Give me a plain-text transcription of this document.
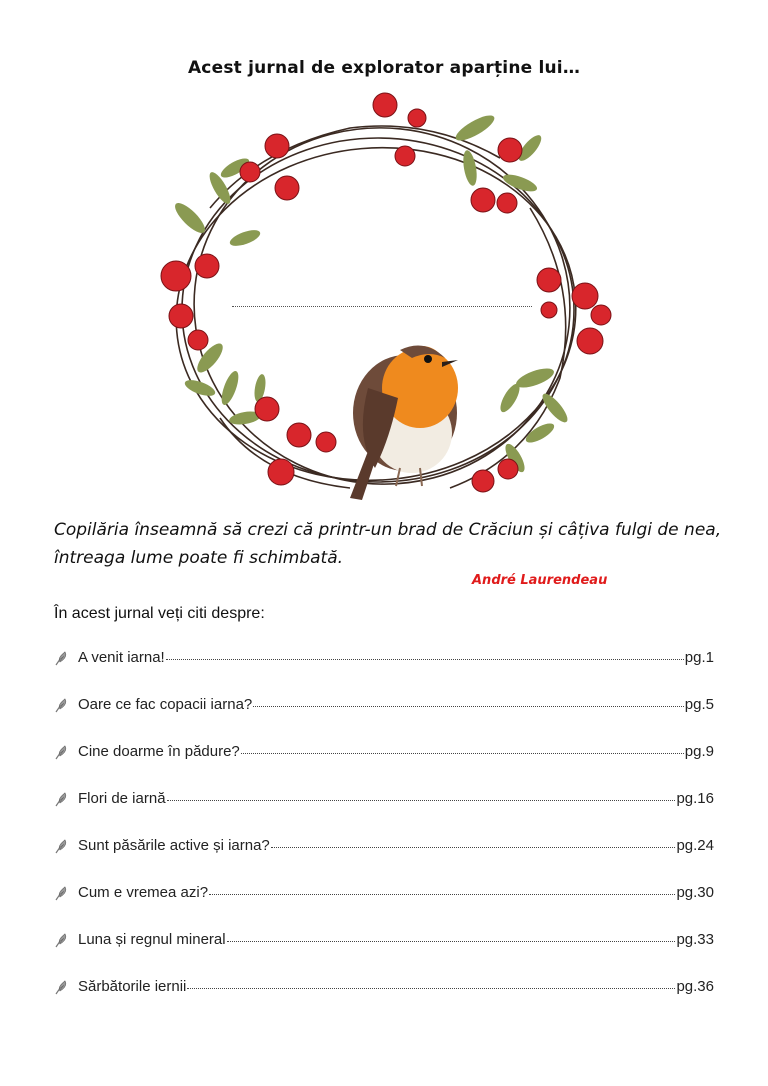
Acest jurnal de explorator aparține lui…
Copilăria înseamnă să crezi că printr-un brad de Crăciun și câțiva fulgi de nea, întreaga lume poate fi schimbată.
André Laurendeau
În acest jurnal veți citi despre:
A venit iarna!	pg.1
Oare ce fac copacii iarna?	pg.5
Cine doarme în pădure?	pg.9
Flori de iarnă	pg.16
Sunt păsările active și iarna?	pg.24
Cum e vremea azi?	pg.30
Luna și regnul mineral	pg.33
Sărbătorile iernii	pg.36
